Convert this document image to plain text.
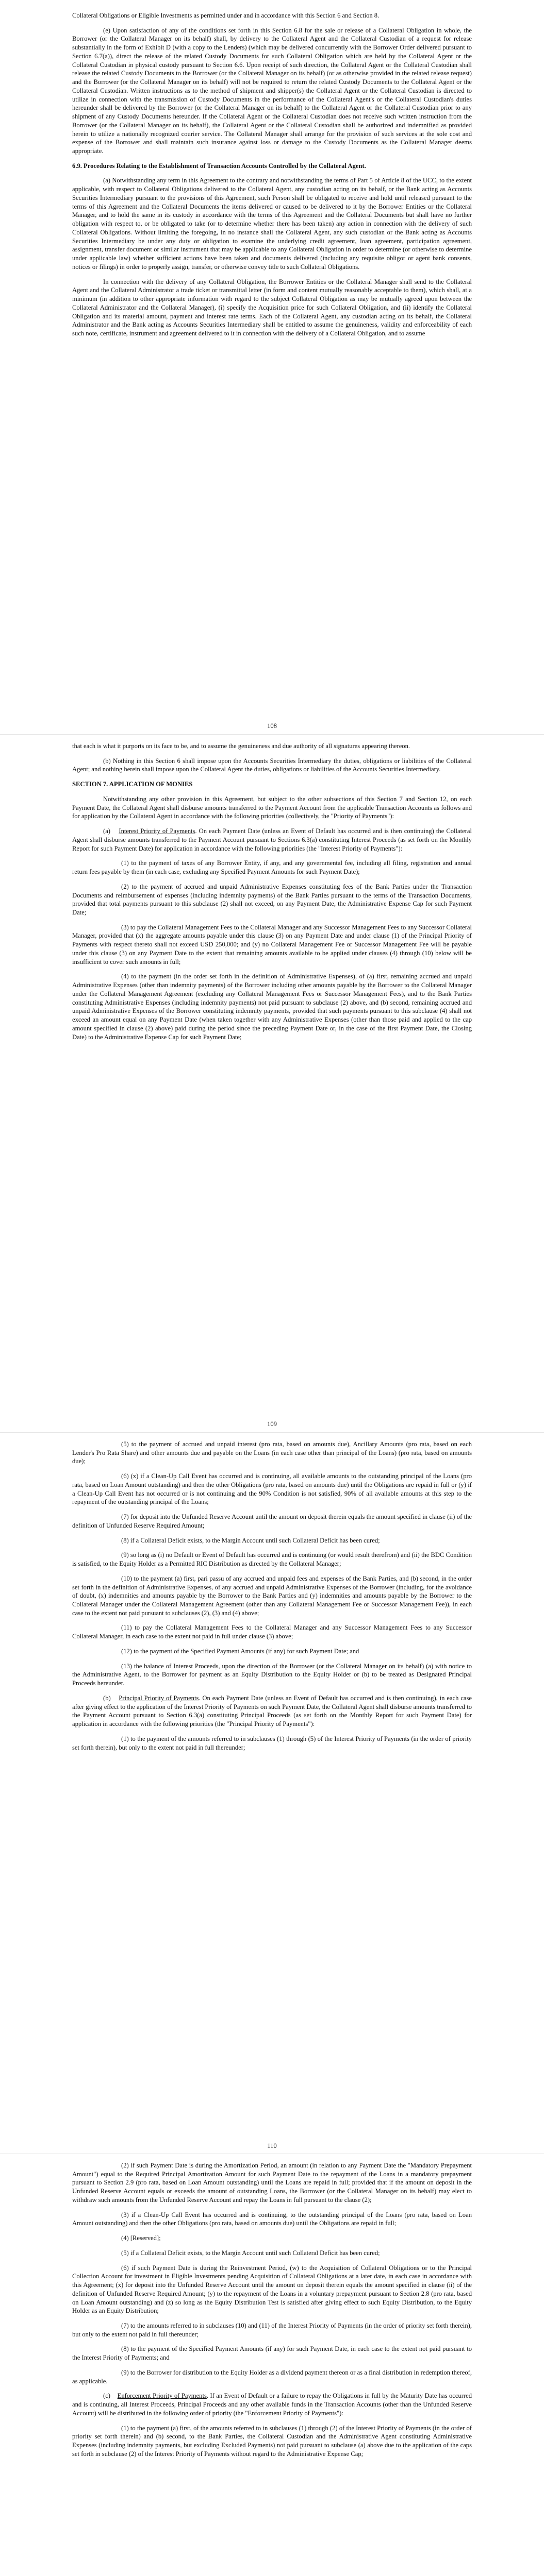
Collateral Obligations or Eligible Investments as permitted under and in accordance with this Section 6 and Section 8.

(e) Upon satisfaction of any of the conditions set forth in this Section 6.8 for the sale or release of a Collateral Obligation in whole, the Borrower (or the Collateral Manager on its behalf) shall, by delivery to the Collateral Agent and the Collateral Custodian of a request for release substantially in the form of Exhibit D (with a copy to the Lenders) (which may be delivered concurrently with the Borrower Order delivered pursuant to Section 6.7(a)), direct the release of the related Custody Documents for such Collateral Obligation which are held by the Collateral Agent or the Collateral Custodian in physical custody pursuant to Section 6.6. Upon receipt of such direction, the Collateral Agent or the Collateral Custodian shall release the related Custody Documents to the Borrower (or the Collateral Manager on its behalf) (or as otherwise provided in the related release request) and the Borrower (or the Collateral Manager on its behalf) will not be required to return the related Custody Documents to the Collateral Agent or the Collateral Custodian. Written instructions as to the method of shipment and shipper(s) the Collateral Agent or the Collateral Custodian is directed to utilize in connection with the transmission of Custody Documents in the performance of the Collateral Agent's or the Collateral Custodian's duties hereunder shall be delivered by the Borrower (or the Collateral Manager on its behalf) to the Collateral Agent or the Collateral Custodian prior to any shipment of any Custody Documents hereunder. If the Collateral Agent or the Collateral Custodian does not receive such written instruction from the Borrower (or the Collateral Manager on its behalf), the Collateral Agent or the Collateral Custodian shall be authorized and indemnified as provided herein to utilize a nationally recognized courier service. The Collateral Manager shall arrange for the provision of such services at the sole cost and expense of the Borrower and shall maintain such insurance against loss or damage to the Custody Documents as the Collateral Manager deems appropriate.

6.9. Procedures Relating to the Establishment of Transaction Accounts Controlled by the Collateral Agent.

(a) Notwithstanding any term in this Agreement to the contrary and notwithstanding the terms of Part 5 of Article 8 of the UCC, to the extent applicable, with respect to Collateral Obligations delivered to the Collateral Agent, any custodian acting on its behalf, or the Bank acting as Accounts Securities Intermediary pursuant to the provisions of this Agreement, such Person shall be obligated to receive and hold until released pursuant to the terms of this Agreement and the Collateral Documents the items delivered or caused to be delivered to it by the Borrower Entities or the Collateral Manager, and to hold the same in its custody in accordance with the terms of this Agreement and the Collateral Documents but shall have no further obligation with respect to, or be obligated to take (or to determine whether there has been taken) any action in connection with the delivery of such Collateral Obligations. Without limiting the foregoing, in no instance shall the Collateral Agent, any such custodian or the Bank acting as Accounts Securities Intermediary be under any duty or obligation to examine the underlying credit agreement, loan agreement, participation agreement, assignment, transfer document or similar instrument that may be applicable to any Collateral Obligation in order to determine (or otherwise to determine under applicable law) whether sufficient actions have been taken and documents delivered (including any requisite obligor or agent bank consents, notices or filings) in order to properly assign, transfer, or otherwise convey title to such Collateral Obligations.

In connection with the delivery of any Collateral Obligation, the Borrower Entities or the Collateral Manager shall send to the Collateral Agent and the Collateral Administrator a trade ticket or transmittal letter (in form and content mutually reasonably acceptable to them), which shall, at a minimum (in addition to other appropriate information with regard to the subject Collateral Obligation as may be mutually agreed upon between the Collateral Administrator and the Collateral Manager), (i) specify the Acquisition price for such Collateral Obligation, and (ii) identify the Collateral Obligation and its material amount, payment and interest rate terms. Each of the Collateral Agent, any custodian acting on its behalf, the Collateral Administrator and the Bank acting as Accounts Securities Intermediary shall be entitled to assume the genuineness, validity and enforceability of each such note, certificate, instrument and agreement delivered to it in connection with the delivery of a Collateral Obligation, and to assume

108

that each is what it purports on its face to be, and to assume the genuineness and due authority of all signatures appearing thereon.

(b) Nothing in this Section 6 shall impose upon the Accounts Securities Intermediary the duties, obligations or liabilities of the Collateral Agent; and nothing herein shall impose upon the Collateral Agent the duties, obligations or liabilities of the Accounts Securities Intermediary.

SECTION 7. APPLICATION OF MONIES

Notwithstanding any other provision in this Agreement, but subject to the other subsections of this Section 7 and Section 12, on each Payment Date, the Collateral Agent shall disburse amounts transferred to the Payment Account from the applicable Transaction Accounts as follows and for application by the Collateral Agent in accordance with the following priorities (collectively, the "Priority of Payments"):

(a) Interest Priority of Payments. On each Payment Date (unless an Event of Default has occurred and is then continuing) the Collateral Agent shall disburse amounts transferred to the Payment Account pursuant to Sections 6.3(a) constituting Interest Proceeds (as set forth on the Monthly Report for such Payment Date) for application in accordance with the following priorities (the "Interest Priority of Payments"):

(1) to the payment of taxes of any Borrower Entity, if any, and any governmental fee, including all filing, registration and annual return fees payable by them (in each case, excluding any Specified Payment Amounts for such Payment Date);

(2) to the payment of accrued and unpaid Administrative Expenses constituting fees of the Bank Parties under the Transaction Documents and reimbursement of expenses (including indemnity payments) of the Bank Parties pursuant to the terms of the Transaction Documents, provided that total payments pursuant to this subclause (2) shall not exceed, on any Payment Date, the Administrative Expense Cap for such Payment Date;

(3) to pay the Collateral Management Fees to the Collateral Manager and any Successor Management Fees to any Successor Collateral Manager, provided that (x) the aggregate amounts payable under this clause (3) on any Payment Date and under clause (1) of the Principal Priority of Payments with respect thereto shall not exceed USD 250,000; and (y) no Collateral Management Fee or Successor Management Fee will be payable under this clause (3) on any Payment Date to the extent that remaining amounts available to be applied under clauses (4) through (10) below will be insufficient to cover such amounts in full;

(4) to the payment (in the order set forth in the definition of Administrative Expenses), of (a) first, remaining accrued and unpaid Administrative Expenses (other than indemnity payments) of the Borrower including other amounts payable by the Borrower to the Collateral Manager under the Collateral Management Agreement (excluding any Collateral Management Fees or Successor Management Fees), and to the Bank Parties constituting Administrative Expenses (including indemnity payments) not paid pursuant to subclause (2) above, and (b) second, remaining accrued and unpaid Administrative Expenses of the Borrower constituting indemnity payments, provided that such payments pursuant to this subclause (4) shall not exceed an amount equal on any Payment Date (when taken together with any Administrative Expenses (other than those paid and applied to the cap amount specified in clause (2) above) paid during the period since the preceding Payment Date or, in the case of the first Payment Date, the Closing Date) to the Administrative Expense Cap for such Payment Date;

109

(5) to the payment of accrued and unpaid interest (pro rata, based on amounts due), Ancillary Amounts (pro rata, based on each Lender's Pro Rata Share) and other amounts due and payable on the Loans (in each case other than principal of the Loans) (pro rata, based on amounts due);

(6) (x) if a Clean-Up Call Event has occurred and is continuing, all available amounts to the outstanding principal of the Loans (pro rata, based on Loan Amount outstanding) and then the other Obligations (pro rata, based on amounts due) until the Obligations are repaid in full or (y) if a Clean-Up Call Event has not occurred or is not continuing and the 90% Condition is not satisfied, 90% of all available amounts at this step to the repayment of the outstanding principal of the Loans;

(7) for deposit into the Unfunded Reserve Account until the amount on deposit therein equals the amount specified in clause (ii) of the definition of Unfunded Reserve Required Amount;

(8) if a Collateral Deficit exists, to the Margin Account until such Collateral Deficit has been cured;

(9) so long as (i) no Default or Event of Default has occurred and is continuing (or would result therefrom) and (ii) the BDC Condition is satisfied, to the Equity Holder as a Permitted RIC Distribution as directed by the Collateral Manager;

(10) to the payment (a) first, pari passu of any accrued and unpaid fees and expenses of the Bank Parties, and (b) second, in the order set forth in the definition of Administrative Expenses, of any accrued and unpaid Administrative Expenses of the Borrower (including, for the avoidance of doubt, (x) indemnities and amounts payable by the Borrower to the Bank Parties and (y) indemnities and amounts payable by the Borrower to the Collateral Manager under the Collateral Management Agreement (other than any Collateral Management Fee or Successor Management Fee)), in each case to the extent not paid pursuant to subclauses (2), (3) and (4) above;

(11) to pay the Collateral Management Fees to the Collateral Manager and any Successor Management Fees to any Successor Collateral Manager, in each case to the extent not paid in full under clause (3) above;

(12) to the payment of the Specified Payment Amounts (if any) for such Payment Date; and

(13) the balance of Interest Proceeds, upon the direction of the Borrower (or the Collateral Manager on its behalf) (a) with notice to the Administrative Agent, to the Borrower for payment as an Equity Distribution to the Equity Holder or (b) to be treated as Designated Principal Proceeds hereunder.

(b) Principal Priority of Payments. On each Payment Date (unless an Event of Default has occurred and is then continuing), in each case after giving effect to the application of the Interest Priority of Payments on such Payment Date, the Collateral Agent shall disburse amounts transferred to the Payment Account pursuant to Section 6.3(a) constituting Principal Proceeds (as set forth on the Monthly Report for such Payment Date) for application in accordance with the following priorities (the "Principal Priority of Payments"):

(1) to the payment of the amounts referred to in subclauses (1) through (5) of the Interest Priority of Payments (in the order of priority set forth therein), but only to the extent not paid in full thereunder;

110

(2) if such Payment Date is during the Amortization Period, an amount (in relation to any Payment Date the "Mandatory Prepayment Amount") equal to the Required Principal Amortization Amount for such Payment Date to the repayment of the Loans in a mandatory prepayment pursuant to Section 2.9 (pro rata, based on Loan Amount outstanding) until the Loans are repaid in full; provided that if the amount on deposit in the Unfunded Reserve Account equals or exceeds the amount of outstanding Loans, the Borrower (or the Collateral Manager on its behalf) may elect to withdraw such amounts from the Unfunded Reserve Account and repay the Loans in full pursuant to the clause (2);

(3) if a Clean-Up Call Event has occurred and is continuing, to the outstanding principal of the Loans (pro rata, based on Loan Amount outstanding) and then the other Obligations (pro rata, based on amounts due) until the Obligations are repaid in full;

(4) [Reserved];

(5) if a Collateral Deficit exists, to the Margin Account until such Collateral Deficit has been cured;

(6) if such Payment Date is during the Reinvestment Period, (w) to the Acquisition of Collateral Obligations or to the Principal Collection Account for investment in Eligible Investments pending Acquisition of Collateral Obligations at a later date, in each case in accordance with this Agreement; (x) for deposit into the Unfunded Reserve Account until the amount on deposit therein equals the amount specified in clause (ii) of the definition of Unfunded Reserve Required Amount; (y) to the repayment of the Loans in a voluntary prepayment pursuant to Section 2.8 (pro rata, based on Loan Amount outstanding) and (z) so long as the Equity Distribution Test is satisfied after giving effect to such Equity Distribution, to the Equity Holder as an Equity Distribution;

(7) to the amounts referred to in subclauses (10) and (11) of the Interest Priority of Payments (in the order of priority set forth therein), but only to the extent not paid in full thereunder;

(8) to the payment of the Specified Payment Amounts (if any) for such Payment Date, in each case to the extent not paid pursuant to the Interest Priority of Payments; and

(9) to the Borrower for distribution to the Equity Holder as a dividend payment thereon or as a final distribution in redemption thereof, as applicable.

(c) Enforcement Priority of Payments. If an Event of Default or a failure to repay the Obligations in full by the Maturity Date has occurred and is continuing, all Interest Proceeds, Principal Proceeds and any other available funds in the Transaction Accounts (other than the Unfunded Reserve Account) will be distributed in the following order of priority (the "Enforcement Priority of Payments"):

(1) to the payment (a) first, of the amounts referred to in subclauses (1) through (2) of the Interest Priority of Payments (in the order of priority set forth therein) and (b) second, to the Bank Parties, the Collateral Custodian and the Administrative Agent constituting Administrative Expenses (including indemnity payments, but excluding Excluded Payments) not paid pursuant to subclause (a) above due to the application of the caps set forth in subclause (2) of the Interest Priority of Payments without regard to the Administrative Expense Cap;
